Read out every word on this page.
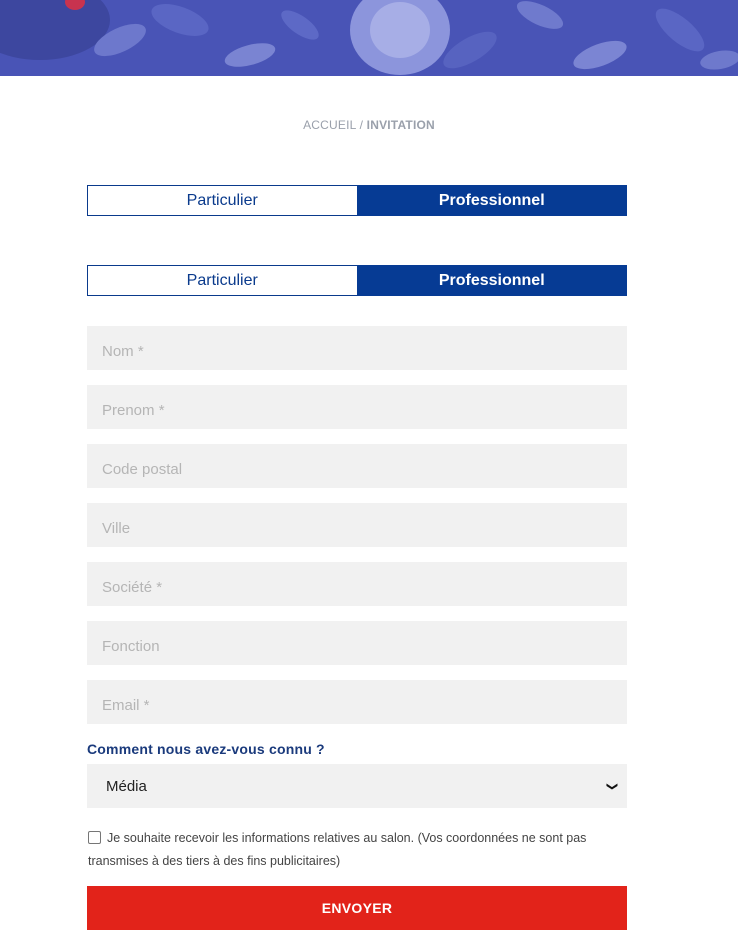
ACCUEIL / INVITATION
Particulier	Professionnel
Particulier	Professionnel
Nom *
Prenom *
Code postal
Ville
Société *
Fonction
Email *
Comment nous avez-vous connu ?
Média	❯
Je souhaite recevoir les informations relatives au salon. (Vos coordonnées ne sont pas transmises à des tiers à des fins publicitaires)
ENVOYER
